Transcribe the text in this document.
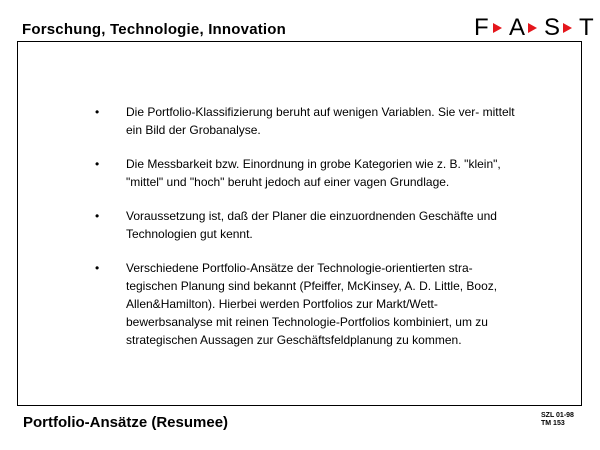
Forschung, Technologie, Innovation	F A S T
• Die Portfolio-Klassifizierung beruht auf wenigen Variablen. Sie ver- mittelt ein Bild der Grobanalyse.
• Die Messbarkeit bzw. Einordnung in grobe Kategorien wie z. B. "klein", "mittel" und "hoch" beruht jedoch auf einer vagen Grundlage.
• Voraussetzung ist, daß der Planer die einzuordnenden Geschäfte und Technologien gut kennt.
• Verschiedene Portfolio-Ansätze der Technologie-orientierten stra- tegischen Planung sind bekannt (Pfeiffer, McKinsey, A. D. Little, Booz, Allen&Hamilton). Hierbei werden Portfolios zur Markt/Wett- bewerbsanalyse mit reinen Technologie-Portfolios kombiniert, um zu strategischen Aussagen zur Geschäftsfeldplanung zu kommen.
Portfolio-Ansätze (Resumee)	SZL 01-98
TM 153
